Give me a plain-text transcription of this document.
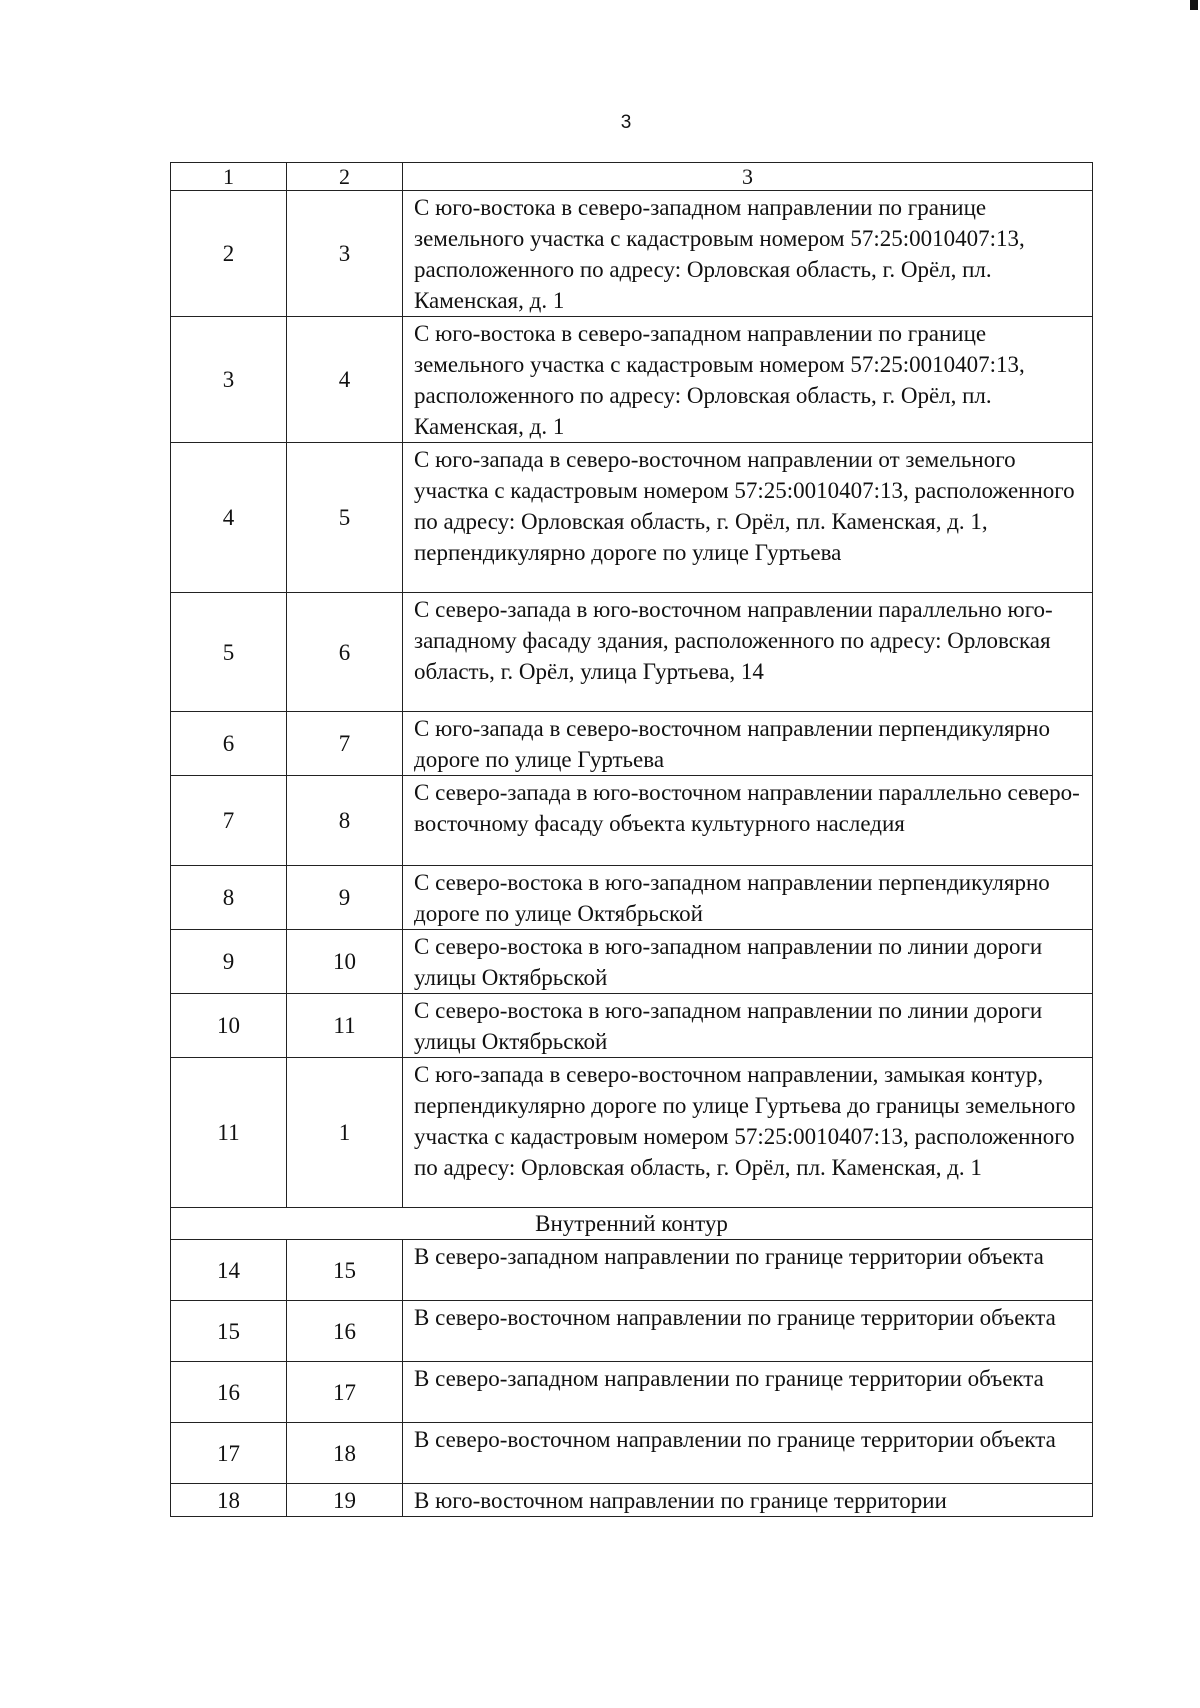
3
1	2	3
2	3	С юго-востока в северо-западном направлении по границе земельного участка с кадастровым номером 57:25:0010407:13, расположенного по адресу: Орловская область, г. Орёл, пл. Каменская, д. 1
3	4	С юго-востока в северо-западном направлении по границе земельного участка с кадастровым номером 57:25:0010407:13, расположенного по адресу: Орловская область, г. Орёл, пл. Каменская, д. 1
4	5	С юго-запада в северо-восточном направлении от земельного участка с кадастровым номером 57:25:0010407:13, расположенного по адресу: Орловская область, г. Орёл, пл. Каменская, д. 1, перпендикулярно дороге по улице Гуртьева
5	6	С северо-запада в юго-восточном направлении параллельно юго-западному фасаду здания, расположенного по адресу: Орловская область, г. Орёл, улица Гуртьева, 14
6	7	С юго-запада в северо-восточном направлении перпендикулярно дороге по улице Гуртьева
7	8	С северо-запада в юго-восточном направлении параллельно северо-восточному фасаду объекта культурного наследия
8	9	С северо-востока в юго-западном направлении перпендикулярно дороге по улице Октябрьской
9	10	С северо-востока в юго-западном направлении по линии дороги улицы Октябрьской
10	11	С северо-востока в юго-западном направлении по линии дороги улицы Октябрьской
11	1	С юго-запада в северо-восточном направлении, замыкая контур, перпендикулярно дороге по улице Гуртьева до границы земельного участка с кадастровым номером 57:25:0010407:13, расположенного по адресу: Орловская область, г. Орёл, пл. Каменская, д. 1
Внутренний контур		
14	15	В северо-западном направлении по границе территории объекта
15	16	В северо-восточном направлении по границе территории объекта
16	17	В северо-западном направлении по границе территории объекта
17	18	В северо-восточном направлении по границе территории объекта
18	19	В юго-восточном направлении по границе территории
